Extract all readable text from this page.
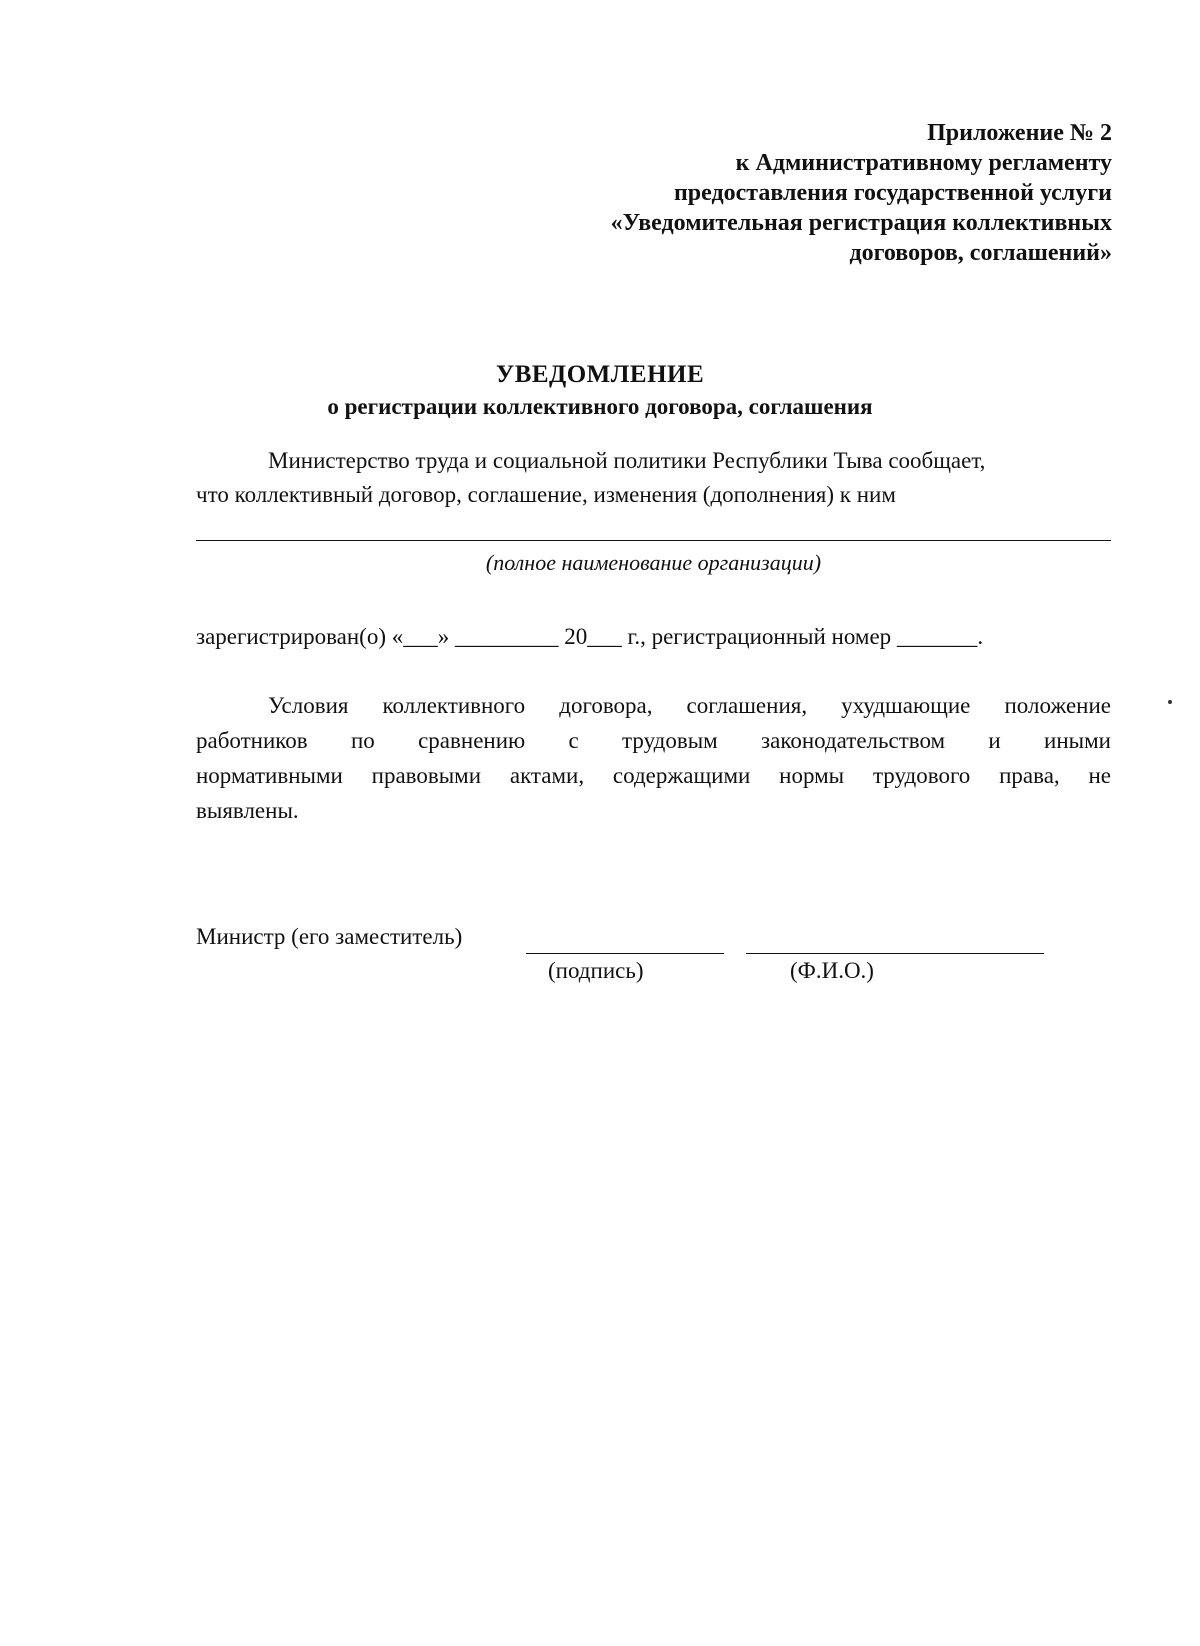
Приложение № 2
к Административному регламенту
предоставления государственной услуги
«Уведомительная регистрация коллективных
договоров, соглашений»
УВЕДОМЛЕНИЕ
о регистрации коллективного договора, соглашения
Министерство труда и социальной политики Республики Тыва сообщает,
что коллективный договор, соглашение, изменения (дополнения) к ним
(полное наименование организации)
зарегистрирован(о) «___» _________ 20___ г., регистрационный номер _______.
Условия коллективного договора, соглашения, ухудшающие положение
работников по сравнению с трудовым законодательством и иными
нормативными правовыми актами, содержащими нормы трудового права, не
выявлены.
Министр (его заместитель)
(подпись)	(Ф.И.О.)
